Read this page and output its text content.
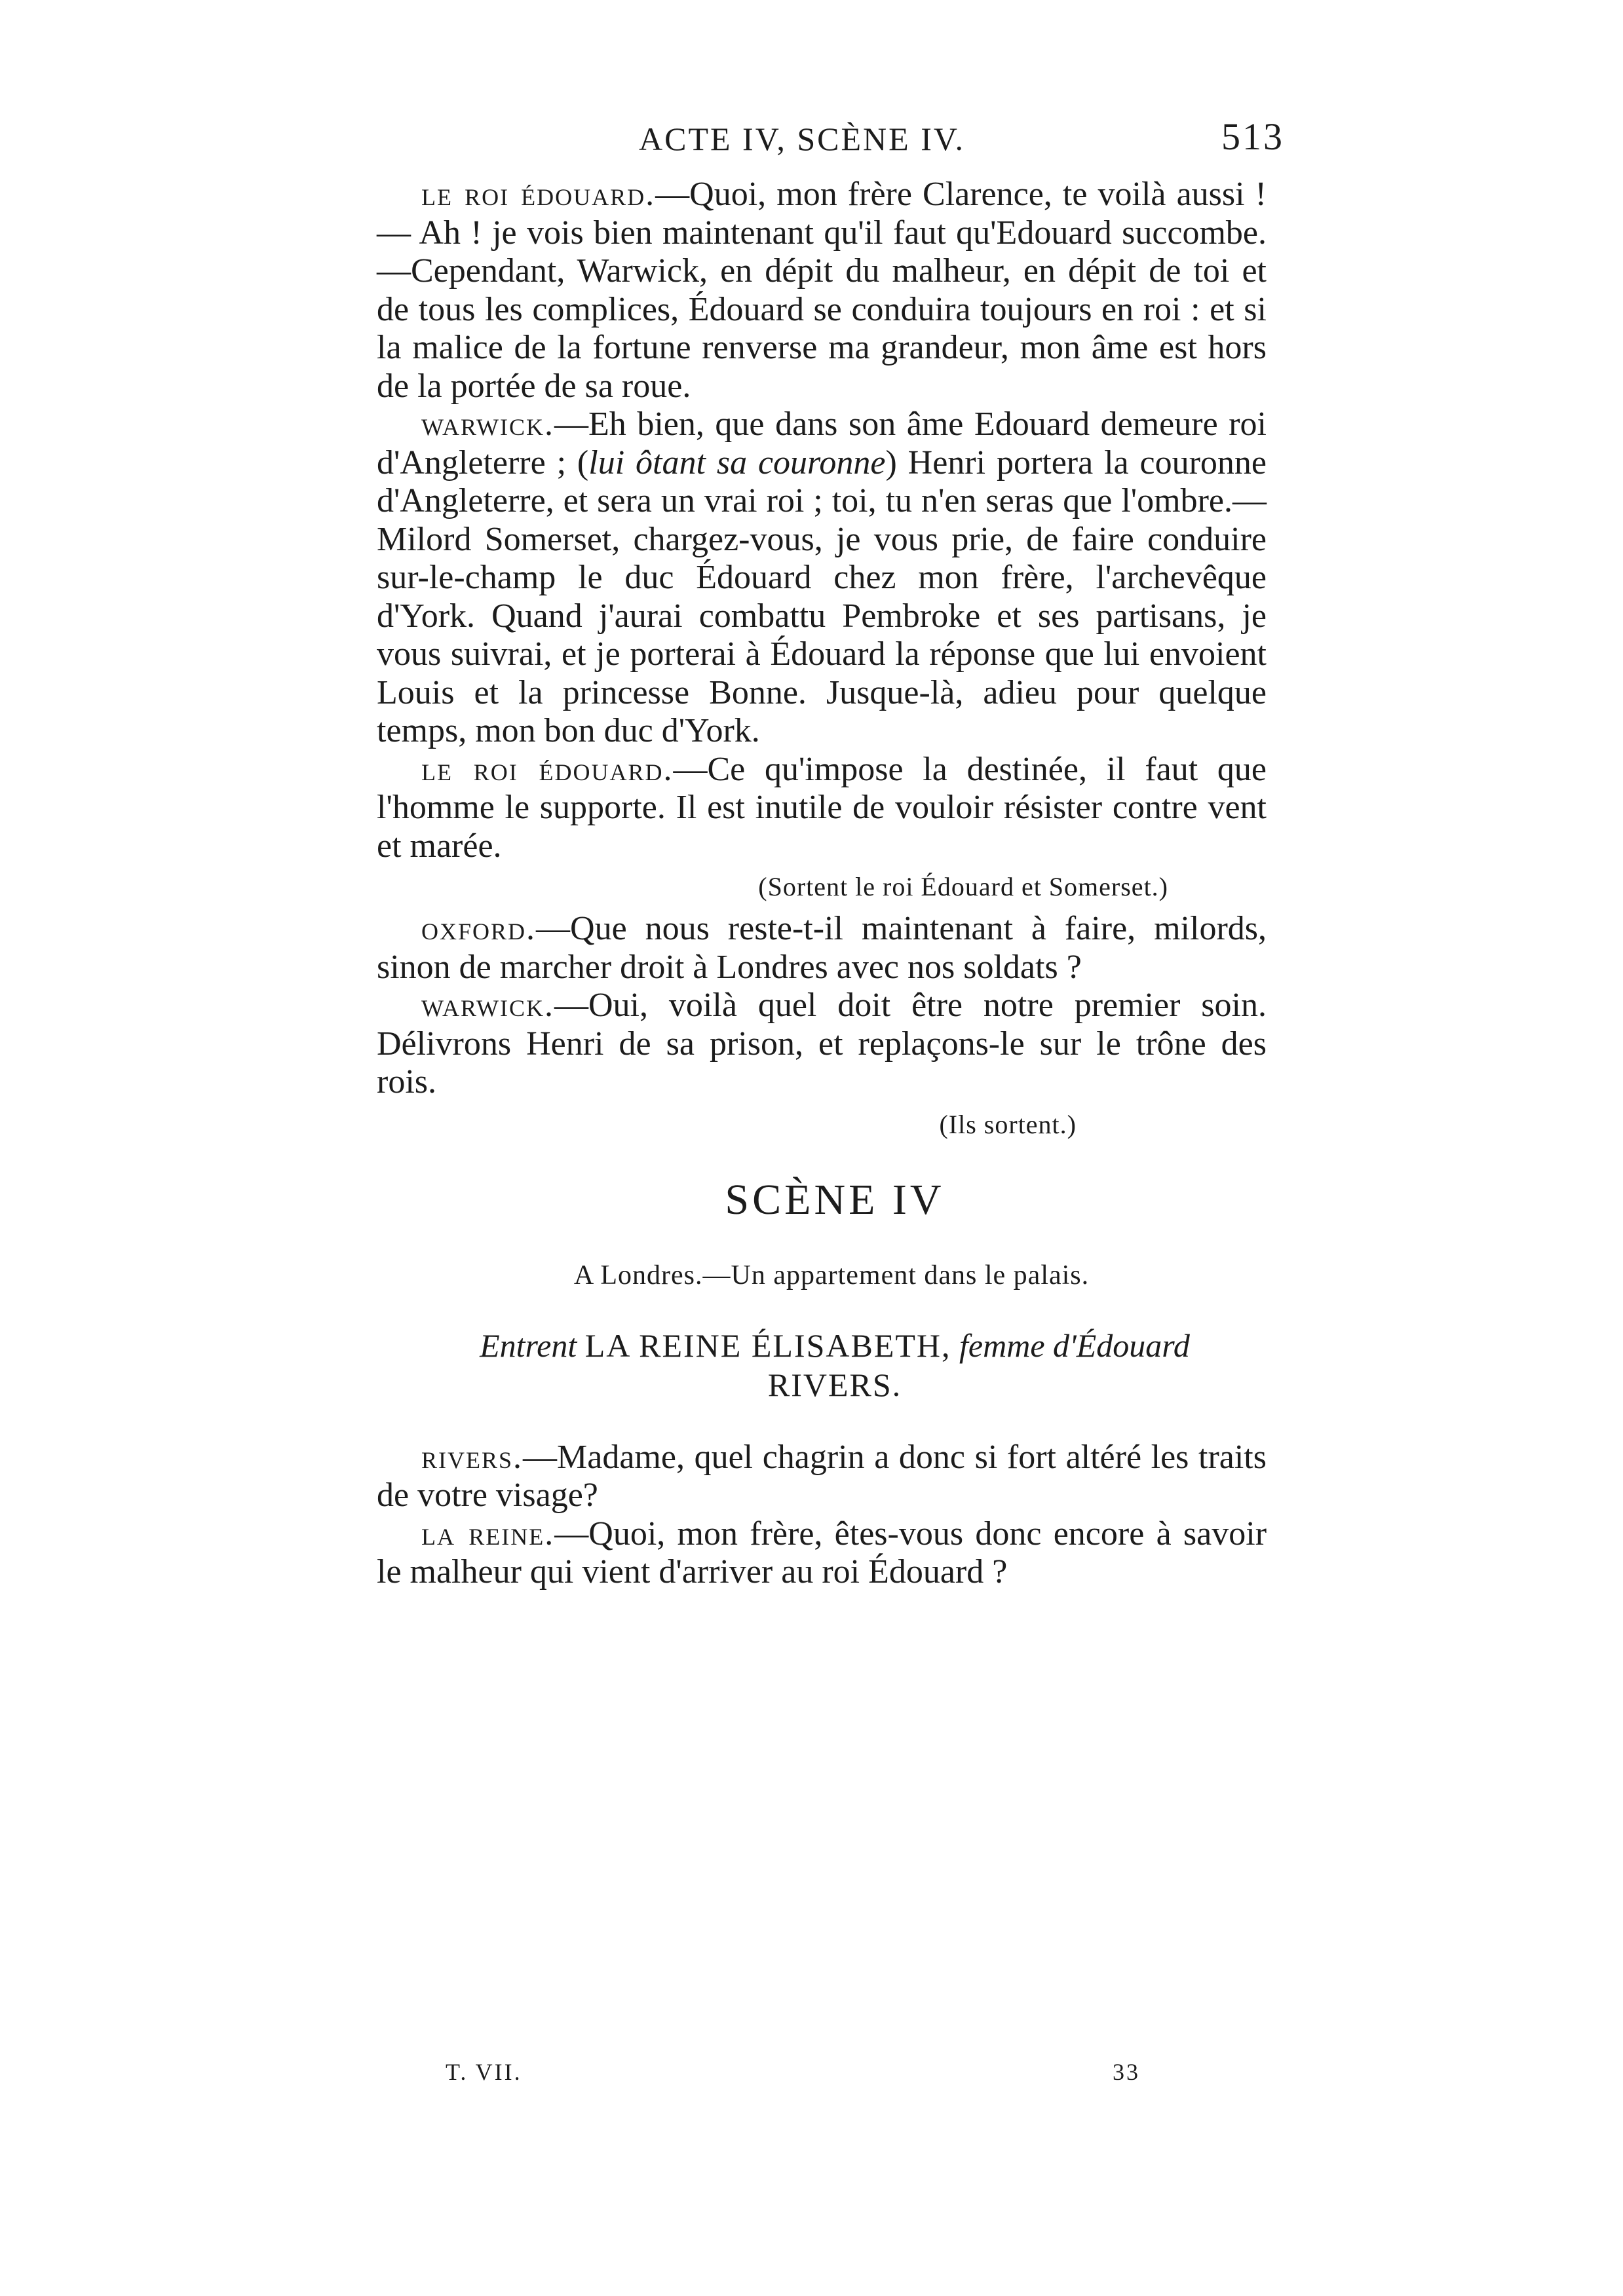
ACTE IV, SCÈNE IV.	513

le roi édouard.—Quoi, mon frère Clarence, te voilà aussi ! — Ah ! je vois bien maintenant qu'il faut qu'Edouard succombe.—Cependant, Warwick, en dépit du malheur, en dépit de toi et de tous les complices, Édouard se conduira toujours en roi : et si la malice de la fortune renverse ma grandeur, mon âme est hors de la portée de sa roue.

warwick.—Eh bien, que dans son âme Edouard demeure roi d'Angleterre ; (lui ôtant sa couronne) Henri portera la couronne d'Angleterre, et sera un vrai roi ; toi, tu n'en seras que l'ombre.—Milord Somerset, chargez-vous, je vous prie, de faire conduire sur-le-champ le duc Édouard chez mon frère, l'archevêque d'York. Quand j'aurai combattu Pembroke et ses partisans, je vous suivrai, et je porterai à Édouard la réponse que lui envoient Louis et la princesse Bonne. Jusque-là, adieu pour quelque temps, mon bon duc d'York.

le roi édouard.—Ce qu'impose la destinée, il faut que l'homme le supporte. Il est inutile de vouloir résister contre vent et marée.

(Sortent le roi Édouard et Somerset.)

oxford.—Que nous reste-t-il maintenant à faire, milords, sinon de marcher droit à Londres avec nos soldats ?

warwick.—Oui, voilà quel doit être notre premier soin. Délivrons Henri de sa prison, et replaçons-le sur le trône des rois.

(Ils sortent.)

SCÈNE IV
A Londres.—Un appartement dans le palais.
Entrent LA REINE ÉLISABETH, femme d'Édouard
RIVERS.

rivers.—Madame, quel chagrin a donc si fort altéré les traits de votre visage?

la reine.—Quoi, mon frère, êtes-vous donc encore à savoir le malheur qui vient d'arriver au roi Édouard ?

T. VII.	33
